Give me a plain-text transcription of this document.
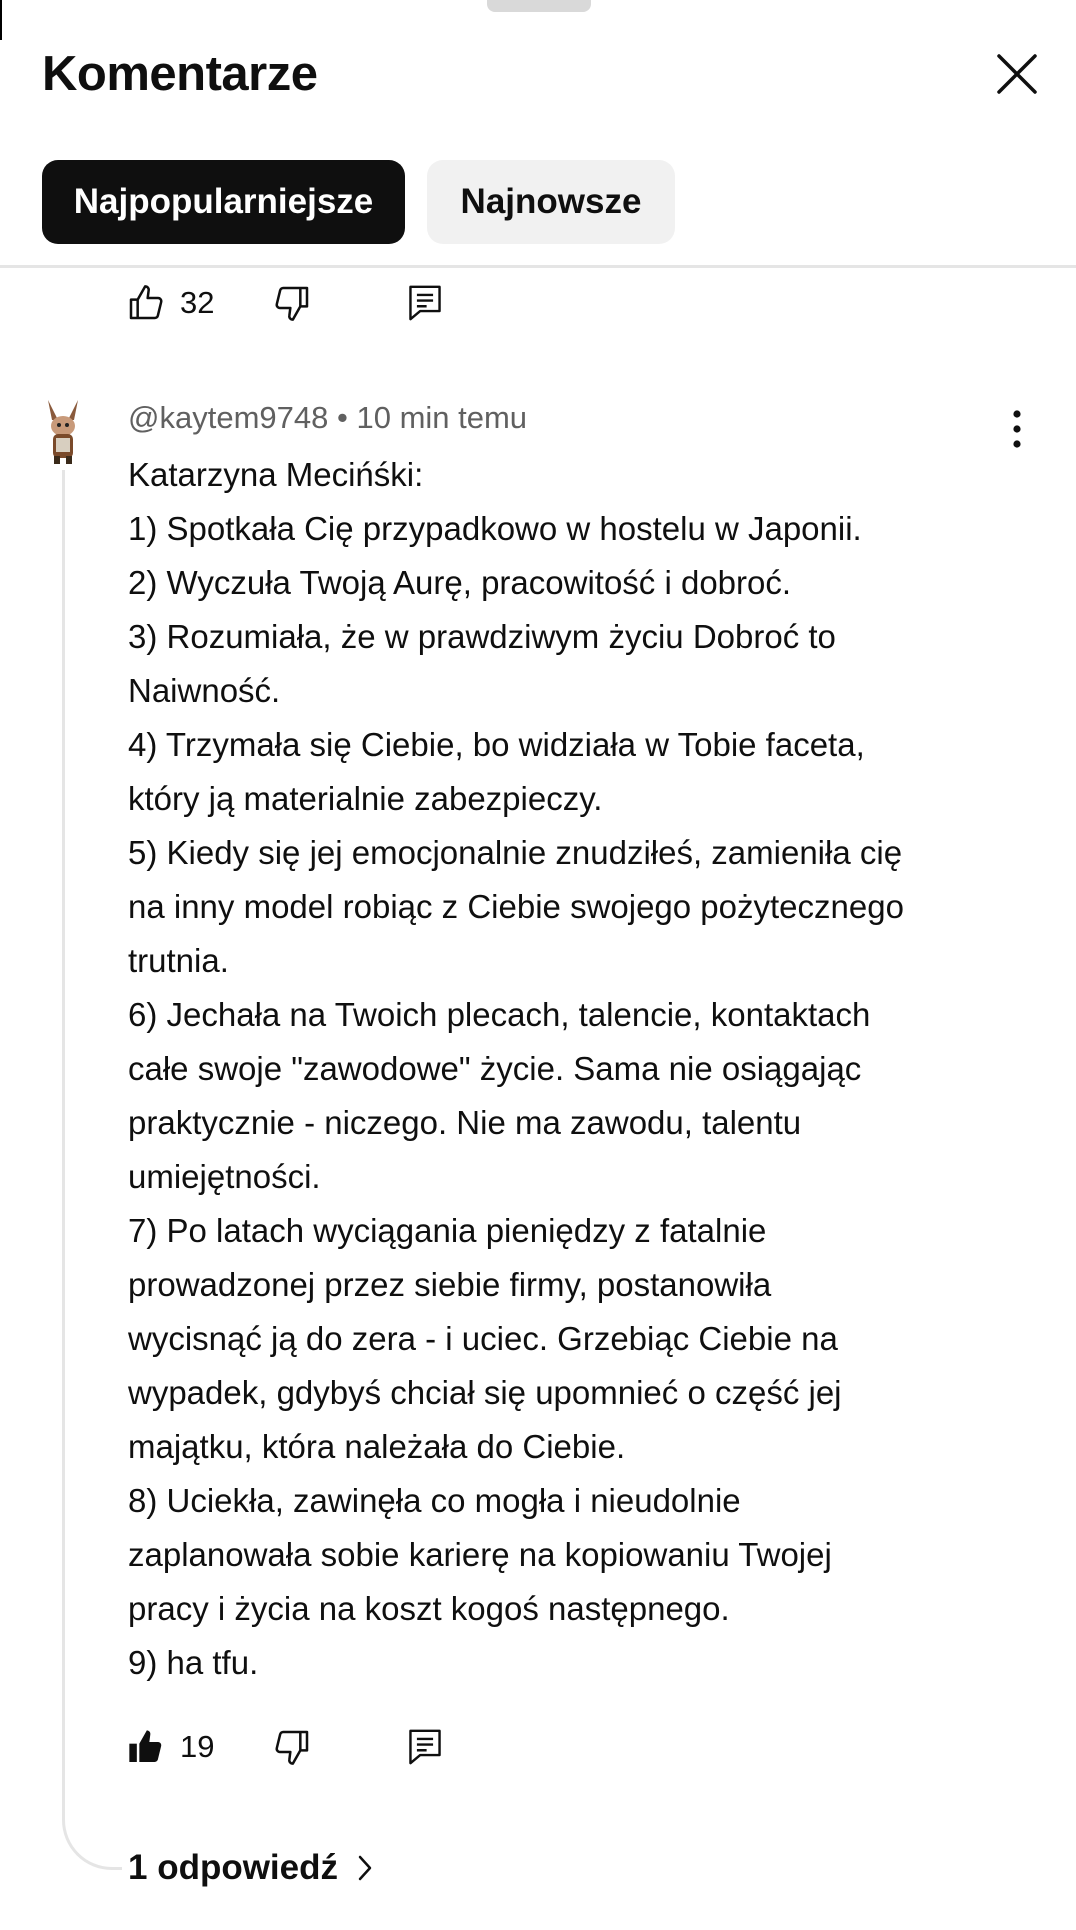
Komentarze
Najpopularniejsze	Najnowsze
32
@kaytem9748 • 10 min temu
Katarzyna Mecińśki:
1) Spotkała Cię przypadkowo w hostelu w Japonii.
2) Wyczuła Twoją Aurę, pracowitość i dobroć.
3) Rozumiała, że w prawdziwym życiu Dobroć to
Naiwność.
4) Trzymała się Ciebie, bo widziała w Tobie faceta,
który ją materialnie zabezpieczy.
5) Kiedy się jej emocjonalnie znudziłeś, zamieniła cię
na inny model robiąc z Ciebie swojego pożytecznego
trutnia.
6) Jechała na Twoich plecach, talencie, kontaktach
całe swoje "zawodowe" życie. Sama nie osiągając
praktycznie - niczego. Nie ma zawodu, talentu
umiejętności.
7) Po latach wyciągania pieniędzy z fatalnie
prowadzonej przez siebie firmy, postanowiła
wycisnąć ją do zera - i uciec. Grzebiąc Ciebie na
wypadek, gdybyś chciał się upomnieć o część jej
majątku, która należała do Ciebie.
8) Uciekła, zawinęła co mogła i nieudolnie
zaplanowała sobie karierę na kopiowaniu Twojej
pracy i życia na koszt kogoś następnego.
9) ha tfu.
19
1 odpowiedź
